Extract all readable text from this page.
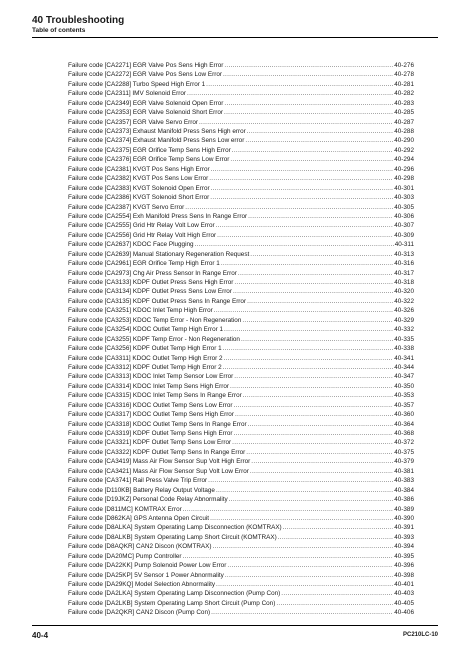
40 Troubleshooting

Table of contents

Failure code [CA2271] EGR Valve Pos Sens High Error .....	40-276
Failure code [CA2272] EGR Valve Pos Sens Low Error .....	40-278
Failure code [CA2288] Turbo Speed High Error 1 .....	40-281
Failure code [CA2311] IMV Solenoid Error .....	40-282
Failure code [CA2349] EGR Valve Solenoid Open Error .....	40-283
Failure code [CA2353] EGR Valve Solenoid Short Error .....	40-285
Failure code [CA2357] EGR Valve Servo Error .....	40-287
Failure code [CA2373] Exhaust Manifold Press Sens High error .....	40-288
Failure code [CA2374] Exhaust Manifold Press Sens Low error .....	40-290
Failure code [CA2375] EGR Orifice Temp Sens High Error .....	40-292
Failure code [CA2376] EGR Orifice Temp Sens Low Error .....	40-294
Failure code [CA2381] KVGT Pos Sens High Error .....	40-296
Failure code [CA2382] KVGT Pos Sens Low Error .....	40-298
Failure code [CA2383] KVGT Solenoid Open Error .....	40-301
Failure code [CA2386] KVGT Solenoid Short Error .....	40-303
Failure code [CA2387] KVGT Servo Error .....	40-305
Failure code [CA2554] Exh Manifold Press Sens In Range Error .....	40-306
Failure code [CA2555] Grid Htr Relay Volt Low Error .....	40-307
Failure code [CA2556] Grid Htr Relay Volt High Error .....	40-309
Failure code [CA2637] KDOC Face Plugging .....	40-311
Failure code [CA2639] Manual Stationary Regeneration Request .....	40-313
Failure code [CA2961] EGR Orifice Temp High Error 1 .....	40-316
Failure code [CA2973] Chg Air Press Sensor In Range Error .....	40-317
Failure code [CA3133] KDPF Outlet Press Sens High Error .....	40-318
Failure code [CA3134] KDPF Outlet Press Sens Low Error .....	40-320
Failure code [CA3135] KDPF Outlet Press Sens In Range Error .....	40-322
Failure code [CA3251] KDOC Inlet Temp High Error .....	40-326
Failure code [CA3253] KDOC Temp Error - Non Regeneration .....	40-329
Failure code [CA3254] KDOC Outlet Temp High Error 1 .....	40-332
Failure code [CA3255] KDPF Temp Error - Non Regeneration .....	40-335
Failure code [CA3256] KDPF Outlet Temp High Error 1 .....	40-338
Failure code [CA3311] KDOC Outlet Temp High Error 2 .....	40-341
Failure code [CA3312] KDPF Outlet Temp High Error 2 .....	40-344
Failure code [CA3313] KDOC Inlet Temp Sensor Low Error .....	40-347
Failure code [CA3314] KDOC Inlet Temp Sens High Error .....	40-350
Failure code [CA3315] KDOC Inlet Temp Sens In Range Error .....	40-353
Failure code [CA3316] KDOC Outlet Temp Sens Low Error .....	40-357
Failure code [CA3317] KDOC Outlet Temp Sens High Error .....	40-360
Failure code [CA3318] KDOC Outlet Temp Sens In Range Error .....	40-364
Failure code [CA3319] KDPF Outlet Temp Sens High Error .....	40-368
Failure code [CA3321] KDPF Outlet Temp Sens Low Error .....	40-372
Failure code [CA3322] KDPF Outlet Temp Sens In Range Error .....	40-375
Failure code [CA3419] Mass Air Flow Sensor Sup Volt High Error .....	40-379
Failure code [CA3421] Mass Air Flow Sensor Sup Volt Low Error .....	40-381
Failure code [CA3741] Rail Press Valve Trip Error .....	40-383
Failure code [D110KB] Battery Relay Output Voltage .....	40-384
Failure code [D19JKZ] Personal Code Relay Abnormality .....	40-386
Failure code [D811MC] KOMTRAX Error .....	40-389
Failure code [D862KA] GPS Antenna Open Circuit .....	40-390
Failure code [D8ALKA] System Operating Lamp Disconnection (KOMTRAX) .....	40-391
Failure code [D8ALKB] System Operating Lamp Short Circuit (KOMTRAX) .....	40-393
Failure code [D8AQKR] CAN2 Discon (KOMTRAX) .....	40-394
Failure code [DA20MC] Pump Controller .....	40-395
Failure code [DA22KK] Pump Solenoid Power Low Error .....	40-396
Failure code [DA25KP] 5V Sensor 1 Power Abnormality .....	40-398
Failure code [DA29KQ] Model Selection Abnormality .....	40-401
Failure code [DA2LKA] System Operating Lamp Disconnection (Pump Con) .....	40-403
Failure code [DA2LKB] System Operating Lamp Short Circuit (Pump Con) .....	40-405
Failure code [DA2QKR] CAN2 Discon (Pump Con) .....	40-406
40-4	PC210LC-10
